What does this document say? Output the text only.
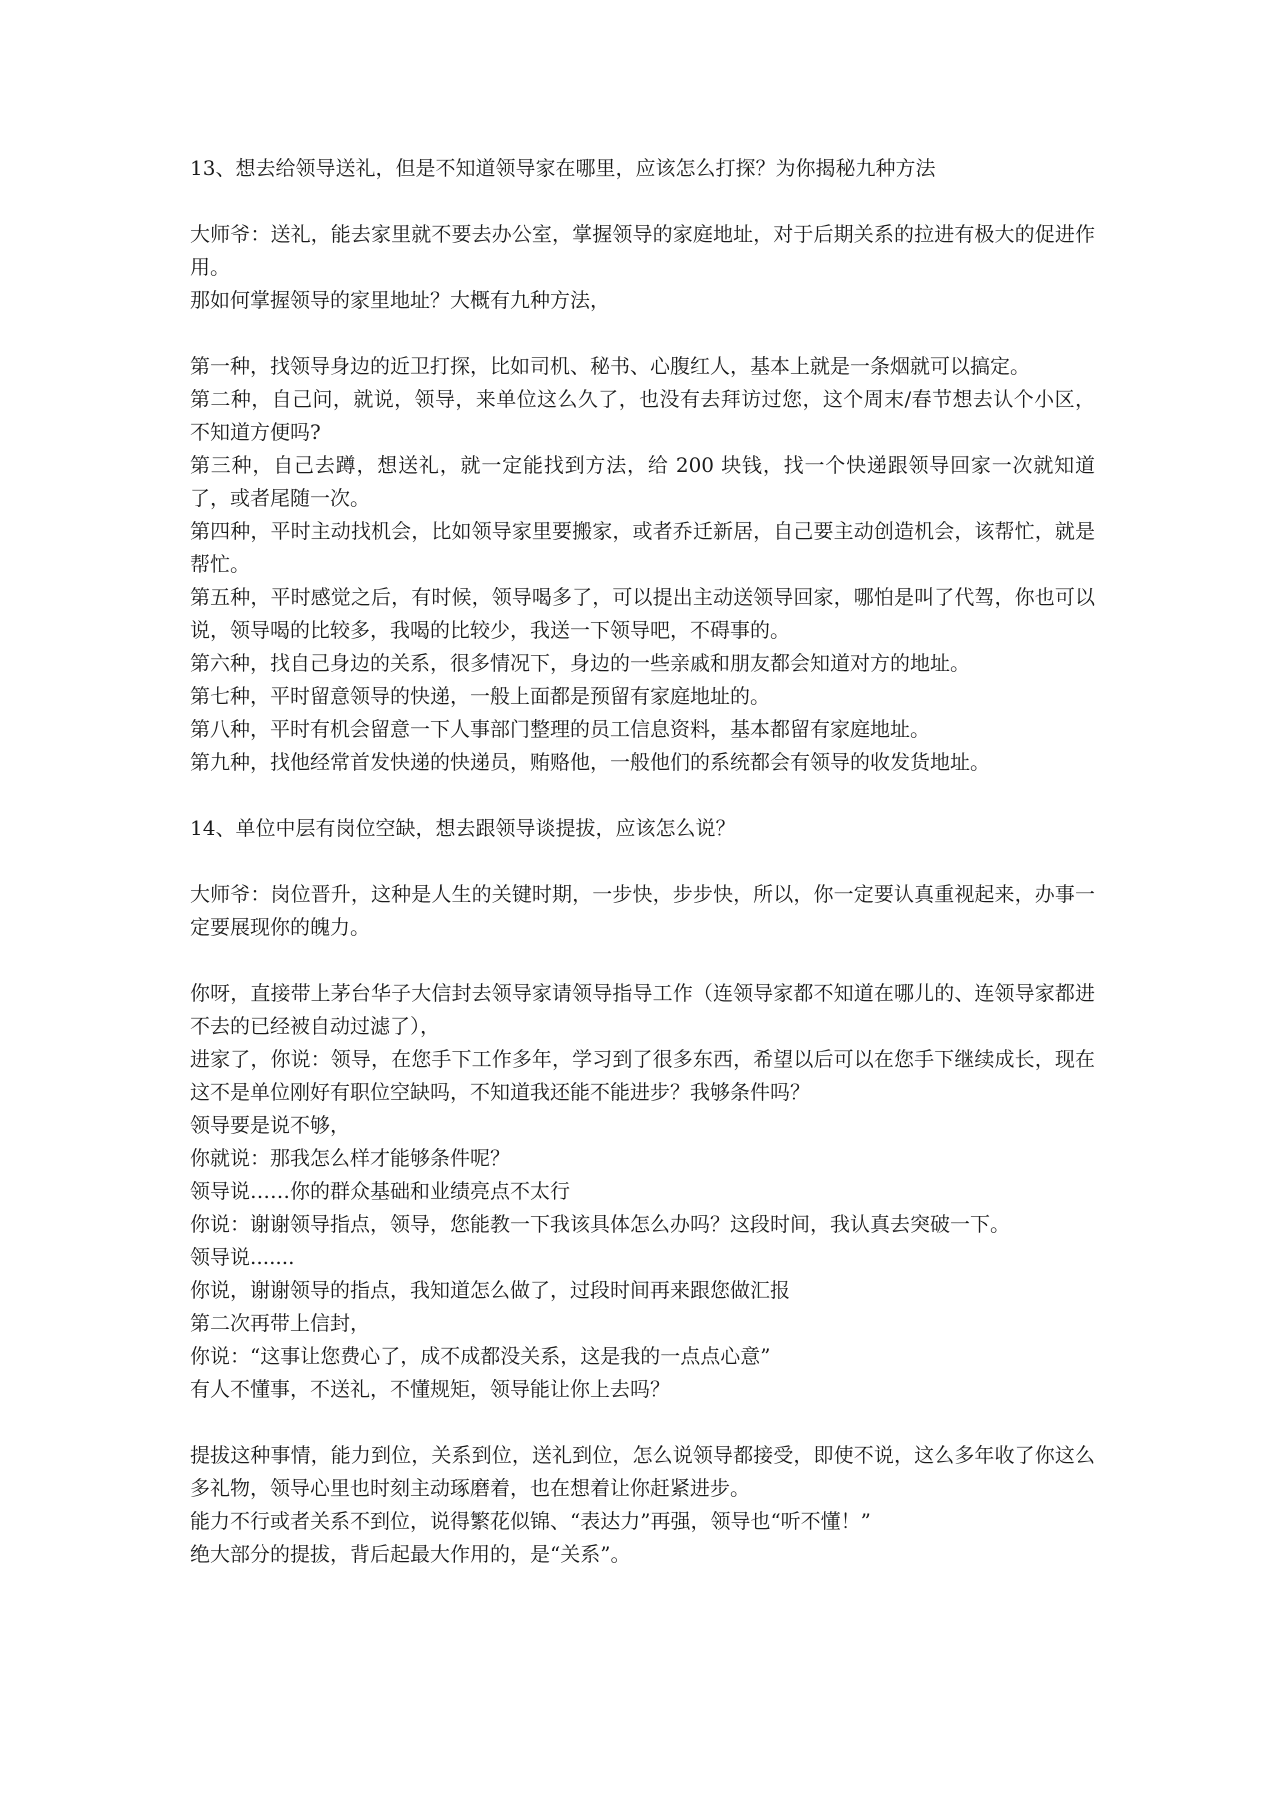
13、想去给领导送礼，但是不知道领导家在哪里，应该怎么打探？为你揭秘九种方法

大师爷：送礼，能去家里就不要去办公室，掌握领导的家庭地址，对于后期关系的拉进有极大的促进作用。

那如何掌握领导的家里地址？大概有九种方法，

第一种，找领导身边的近卫打探，比如司机、秘书、心腹红人，基本上就是一条烟就可以搞定。

第二种，自己问，就说，领导，来单位这么久了，也没有去拜访过您，这个周末/春节想去认个小区，不知道方便吗?

第三种，自己去蹲，想送礼，就一定能找到方法，给 200 块钱，找一个快递跟领导回家一次就知道了，或者尾随一次。

第四种，平时主动找机会，比如领导家里要搬家，或者乔迁新居，自己要主动创造机会，该帮忙，就是帮忙。

第五种，平时感觉之后，有时候，领导喝多了，可以提出主动送领导回家，哪怕是叫了代驾，你也可以说，领导喝的比较多，我喝的比较少，我送一下领导吧，不碍事的。

第六种，找自己身边的关系，很多情况下，身边的一些亲戚和朋友都会知道对方的地址。

第七种，平时留意领导的快递，一般上面都是预留有家庭地址的。

第八种，平时有机会留意一下人事部门整理的员工信息资料，基本都留有家庭地址。

第九种，找他经常首发快递的快递员，贿赂他，一般他们的系统都会有领导的收发货地址。

14、单位中层有岗位空缺，想去跟领导谈提拔，应该怎么说？

大师爷：岗位晋升，这种是人生的关键时期，一步快，步步快，所以，你一定要认真重视起来，办事一定要展现你的魄力。

你呀，直接带上茅台华子大信封去领导家请领导指导工作（连领导家都不知道在哪儿的、连领导家都进不去的已经被自动过滤了），

进家了，你说：领导，在您手下工作多年，学习到了很多东西，希望以后可以在您手下继续成长，现在这不是单位刚好有职位空缺吗，不知道我还能不能进步？我够条件吗？

领导要是说不够，

你就说：那我怎么样才能够条件呢？

领导说……你的群众基础和业绩亮点不太行

你说：谢谢领导指点，领导，您能教一下我该具体怎么办吗？这段时间，我认真去突破一下。

领导说.......

你说，谢谢领导的指点，我知道怎么做了，过段时间再来跟您做汇报

第二次再带上信封，

你说：“这事让您费心了，成不成都没关系，这是我的一点点心意”

有人不懂事，不送礼，不懂规矩，领导能让你上去吗？

提拔这种事情，能力到位，关系到位，送礼到位，怎么说领导都接受，即使不说，这么多年收了你这么多礼物，领导心里也时刻主动琢磨着，也在想着让你赶紧进步。

能力不行或者关系不到位，说得繁花似锦、“表达力”再强，领导也“听不懂！”

绝大部分的提拔，背后起最大作用的，是“关系”。
